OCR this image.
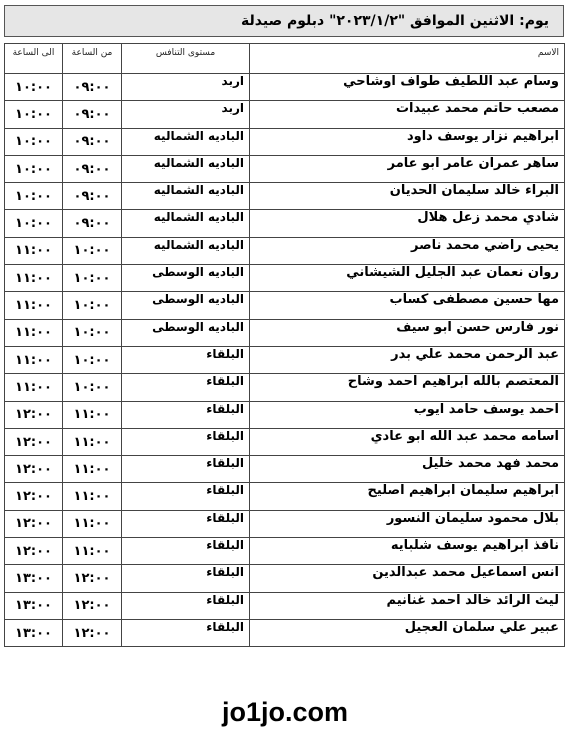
يوم: الاثنين الموافق "٢٠٢٣/١/٢" دبلوم صيدلة
الاسم	مستوى التنافس	من الساعة	الى الساعة
وسام عبد اللطيف طواف اوشاحي	اربد	٠٩:٠٠	١٠:٠٠
مصعب حاتم محمد عبيدات	اربد	٠٩:٠٠	١٠:٠٠
ابراهيم نزار يوسف داود	الباديه الشماليه	٠٩:٠٠	١٠:٠٠
ساهر عمران عامر ابو عامر	الباديه الشماليه	٠٩:٠٠	١٠:٠٠
البراء خالد سليمان الحديان	الباديه الشماليه	٠٩:٠٠	١٠:٠٠
شادي محمد زعل هلال	الباديه الشماليه	٠٩:٠٠	١٠:٠٠
يحيى راضي محمد ناصر	الباديه الشماليه	١٠:٠٠	١١:٠٠
روان نعمان عبد الجليل الشيشاني	الباديه الوسطى	١٠:٠٠	١١:٠٠
مها حسين مصطفى كساب	الباديه الوسطى	١٠:٠٠	١١:٠٠
نور فارس حسن ابو سيف	الباديه الوسطى	١٠:٠٠	١١:٠٠
عبد الرحمن محمد علي بدر	البلقاء	١٠:٠٠	١١:٠٠
المعتصم بالله ابراهيم احمد وشاح	البلقاء	١٠:٠٠	١١:٠٠
احمد يوسف حامد ايوب	البلقاء	١١:٠٠	١٢:٠٠
اسامه محمد عبد الله ابو عادي	البلقاء	١١:٠٠	١٢:٠٠
محمد فهد محمد خليل	البلقاء	١١:٠٠	١٢:٠٠
ابراهيم سليمان ابراهيم اصليح	البلقاء	١١:٠٠	١٢:٠٠
بلال محمود سليمان النسور	البلقاء	١١:٠٠	١٢:٠٠
نافذ ابراهيم يوسف شلبايه	البلقاء	١١:٠٠	١٢:٠٠
انس اسماعيل محمد عبدالدين	البلقاء	١٢:٠٠	١٣:٠٠
ليث الرائد خالد احمد غنانيم	البلقاء	١٢:٠٠	١٣:٠٠
عبير علي سلمان العجيل	البلقاء	١٢:٠٠	١٣:٠٠
jo1jo.com
